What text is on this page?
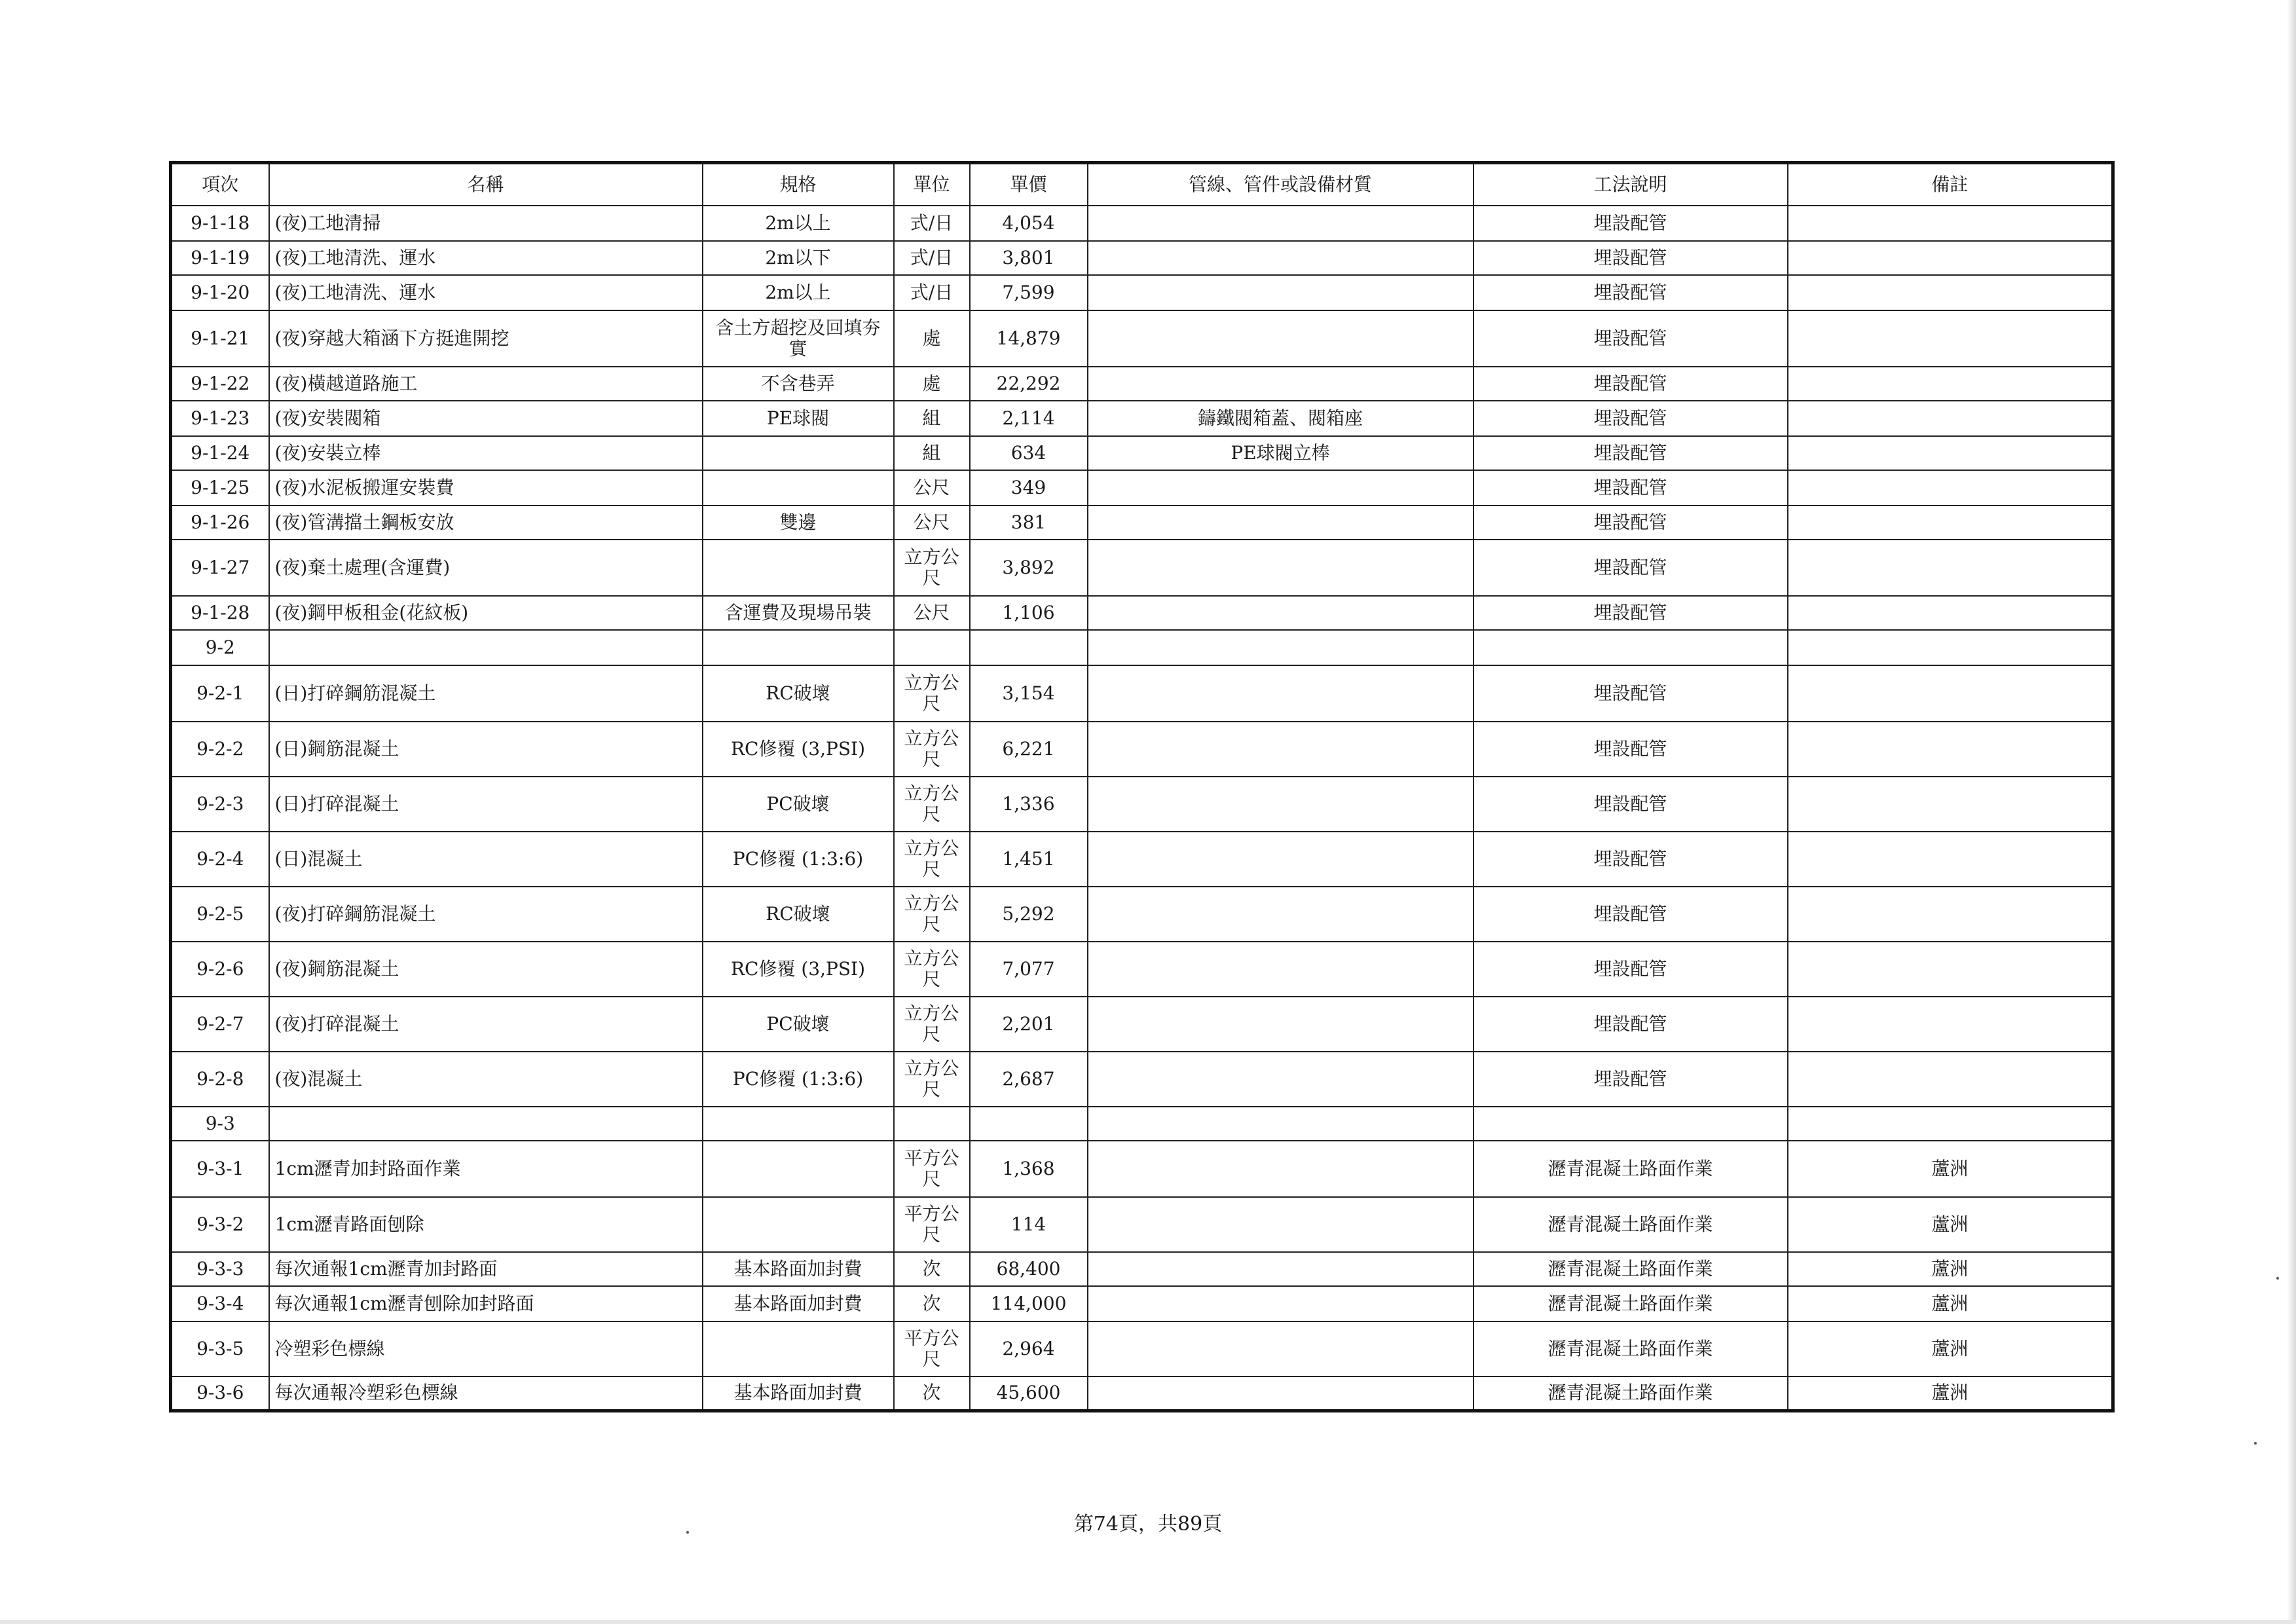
項次	名稱	規格	單位	單價	管線、管件或設備材質	工法說明	備註
9-1-18	(夜)工地清掃	2m以上	式/日	4,054		埋設配管	
9-1-19	(夜)工地清洗、運水	2m以下	式/日	3,801		埋設配管	
9-1-20	(夜)工地清洗、運水	2m以上	式/日	7,599		埋設配管	
9-1-21	(夜)穿越大箱涵下方挺進開挖	含土方超挖及回填夯實	處	14,879		埋設配管	
9-1-22	(夜)橫越道路施工	不含巷弄	處	22,292		埋設配管	
9-1-23	(夜)安裝閥箱	PE球閥	組	2,114	鑄鐵閥箱蓋、閥箱座	埋設配管	
9-1-24	(夜)安裝立棒		組	634	PE球閥立棒	埋設配管	
9-1-25	(夜)水泥板搬運安裝費		公尺	349		埋設配管	
9-1-26	(夜)管溝擋土鋼板安放	雙邊	公尺	381		埋設配管	
9-1-27	(夜)棄土處理(含運費)		立方公尺	3,892		埋設配管	
9-1-28	(夜)鋼甲板租金(花紋板)	含運費及現場吊裝	公尺	1,106		埋設配管	
9-2							
9-2-1	(日)打碎鋼筋混凝土	RC破壞	立方公尺	3,154		埋設配管	
9-2-2	(日)鋼筋混凝土	RC修覆 (3,PSI)	立方公尺	6,221		埋設配管	
9-2-3	(日)打碎混凝土	PC破壞	立方公尺	1,336		埋設配管	
9-2-4	(日)混凝土	PC修覆 (1:3:6)	立方公尺	1,451		埋設配管	
9-2-5	(夜)打碎鋼筋混凝土	RC破壞	立方公尺	5,292		埋設配管	
9-2-6	(夜)鋼筋混凝土	RC修覆 (3,PSI)	立方公尺	7,077		埋設配管	
9-2-7	(夜)打碎混凝土	PC破壞	立方公尺	2,201		埋設配管	
9-2-8	(夜)混凝土	PC修覆 (1:3:6)	立方公尺	2,687		埋設配管	
9-3							
9-3-1	1cm瀝青加封路面作業		平方公尺	1,368		瀝青混凝土路面作業	蘆洲
9-3-2	1cm瀝青路面刨除		平方公尺	114		瀝青混凝土路面作業	蘆洲
9-3-3	每次通報1cm瀝青加封路面	基本路面加封費	次	68,400		瀝青混凝土路面作業	蘆洲
9-3-4	每次通報1cm瀝青刨除加封路面	基本路面加封費	次	114,000		瀝青混凝土路面作業	蘆洲
9-3-5	冷塑彩色標線		平方公尺	2,964		瀝青混凝土路面作業	蘆洲
9-3-6	每次通報冷塑彩色標線	基本路面加封費	次	45,600		瀝青混凝土路面作業	蘆洲
第74頁，共89頁
